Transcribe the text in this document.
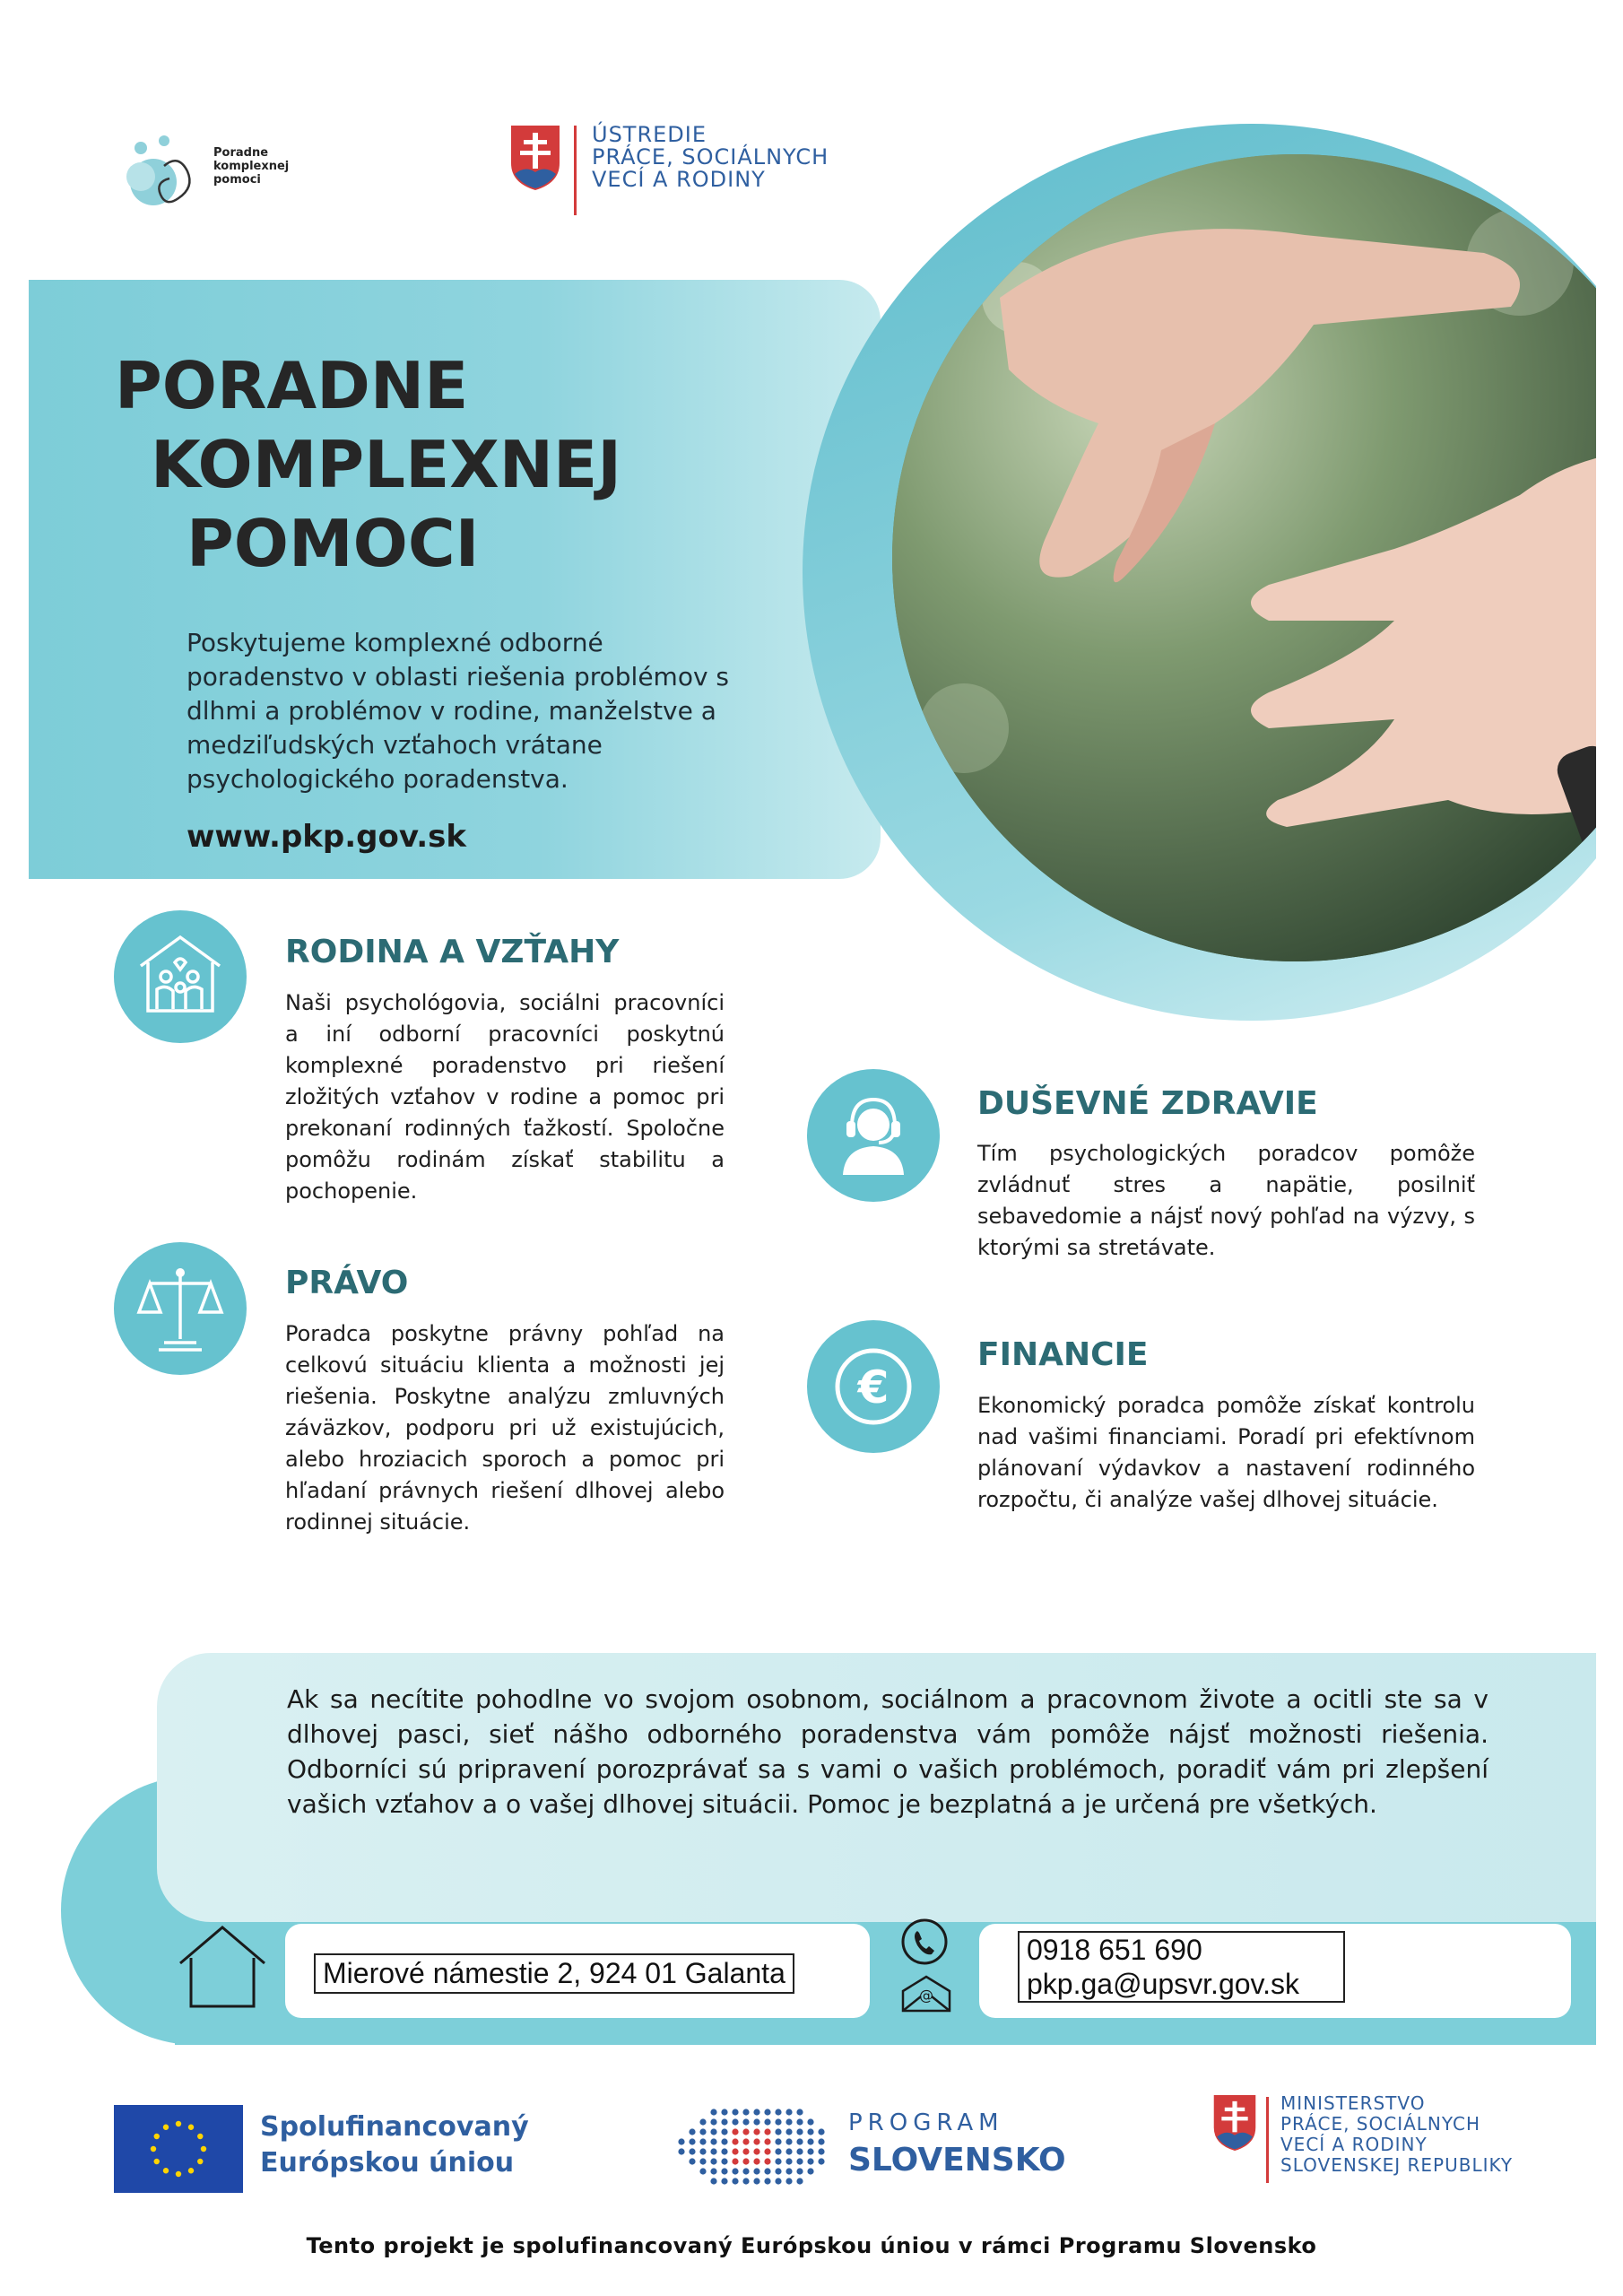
Poradne
komplexnej
pomoci
ÚSTREDIE
PRÁCE, SOCIÁLNYCH
VECÍ A RODINY
PORADNE
KOMPLEXNEJ
POMOCI
Poskytujeme komplexné odborné poradenstvo v oblasti riešenia problémov s dlhmi a problémov v rodine, manželstve a medziľudských vzťahoch vrátane psychologického poradenstva.
www.pkp.gov.sk
RODINA A VZŤAHY
Naši psychológovia, sociálni pracovníci a iní odborní pracovníci poskytnú komplexné poradenstvo pri riešení zložitých vzťahov v rodine a pomoc pri prekonaní rodinných ťažkostí. Spoločne pomôžu rodinám získať stabilitu a pochopenie.
DUŠEVNÉ ZDRAVIE
Tím psychologických poradcov pomôže zvládnuť stres a napätie, posilniť sebavedomie a nájsť nový pohľad na výzvy, s ktorými sa stretávate.
PRÁVO
Poradca poskytne právny pohľad na celkovú situáciu klienta a možnosti jej riešenia. Poskytne analýzu zmluvných záväzkov, podporu pri už existujúcich, alebo hroziacich sporoch a pomoc pri hľadaní právnych riešení dlhovej alebo rodinnej situácie.
€
FINANCIE
Ekonomický poradca pomôže získať kontrolu nad vašimi financiami. Poradí pri efektívnom plánovaní výdavkov a nastavení rodinného rozpočtu, či analýze vašej dlhovej situácie.
Ak sa necítite pohodlne vo svojom osobnom, sociálnom a pracovnom živote a ocitli ste sa v dlhovej pasci, sieť nášho odborného poradenstva vám pomôže nájsť možnosti riešenia. Odborníci sú pripravení porozprávať sa s vami o vašich problémoch, poradiť vám pri zlepšení vašich vzťahov a o vašej dlhovej situácii. Pomoc je bezplatná a je určená pre všetkých.
Mierové námestie 2, 924 01 Galanta
@
0918 651 690
pkp.ga@upsvr.gov.sk
Spolufinancovaný
Európskou úniou
PROGRAM
SLOVENSKO
MINISTERSTVO
PRÁCE, SOCIÁLNYCH
VECÍ A RODINY
SLOVENSKEJ REPUBLIKY
Tento projekt je spolufinancovaný Európskou úniou v rámci Programu Slovensko
